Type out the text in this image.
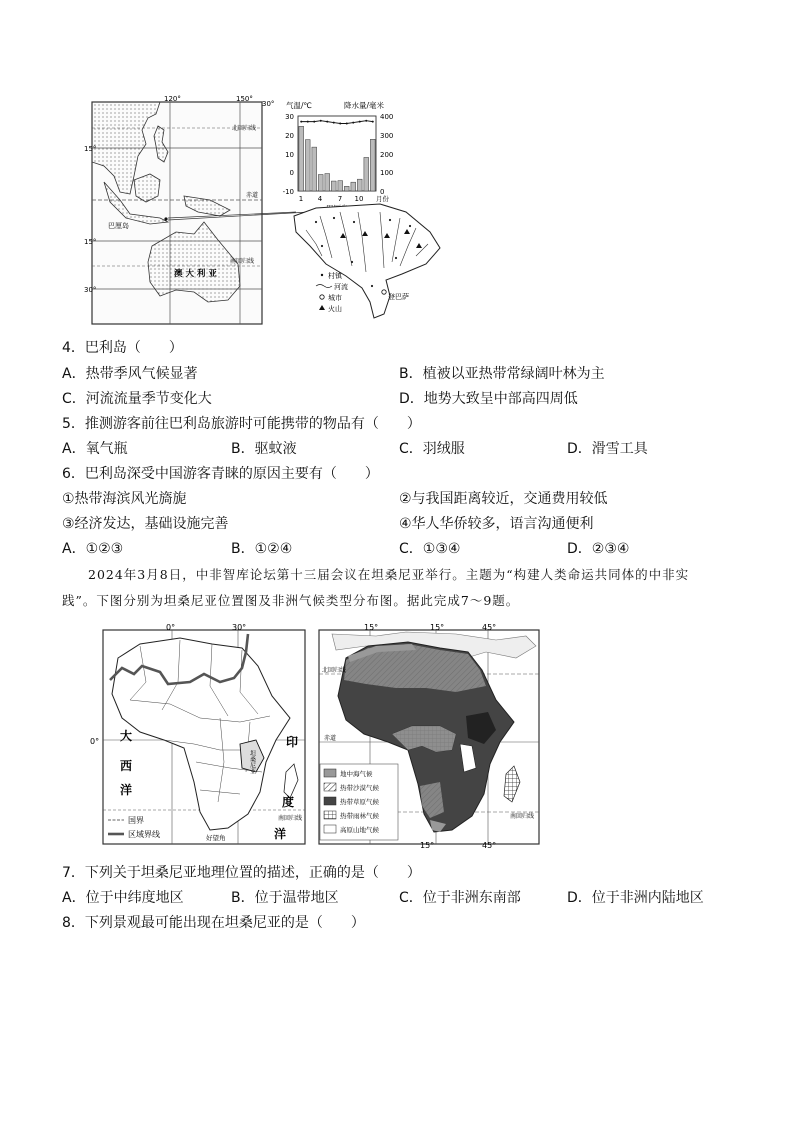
120°	150°
30°
15°
北回归线
赤道
巴厘岛
15°
澳 大 利 亚
南回归线
30°
气温/℃	降水量/毫米
30
20
10
0
-10
400
300
200
100
0
1 4 7 10 月份
登巴萨
村镇
河流
城市
火山
4．巴利岛（　　）
A．热带季风气候显著	B．植被以亚热带常绿阔叶林为主
C．河流流量季节变化大	D．地势大致呈中部高四周低
5．推测游客前往巴利岛旅游时可能携带的物品有（　　）
A．氧气瓶	B．驱蚊液	C．羽绒服	D．滑雪工具
6．巴利岛深受中国游客青睐的原因主要有（　　）
①热带海滨风光旖旎	②与我国距离较近，交通费用较低
③经济发达，基础设施完善	④华人华侨较多，语言沟通便利
A．①②③	B．①②④	C．①③④	D．②③④

2024年3月8日，中非智库论坛第十三届会议在坦桑尼亚举行。主题为“构建人类命运共同体的中非实

践”。下图分别为坦桑尼亚位置图及非洲气候类型分布图。据此完成7～9题。

0°	30°
0° 大
西
洋
印
度
洋
坦桑尼亚
南回归线
好望角
国界
区域界线
15°	15°	45°
北回归线
赤道
南回归线
15°	45°
地中海气候
热带沙漠气候
热带草原气候
热带雨林气候
高原山地气候
7．下列关于坦桑尼亚地理位置的描述，正确的是（　　）
A．位于中纬度地区	B．位于温带地区	C．位于非洲东南部	D．位于非洲内陆地区
8．下列景观最可能出现在坦桑尼亚的是（　　）
